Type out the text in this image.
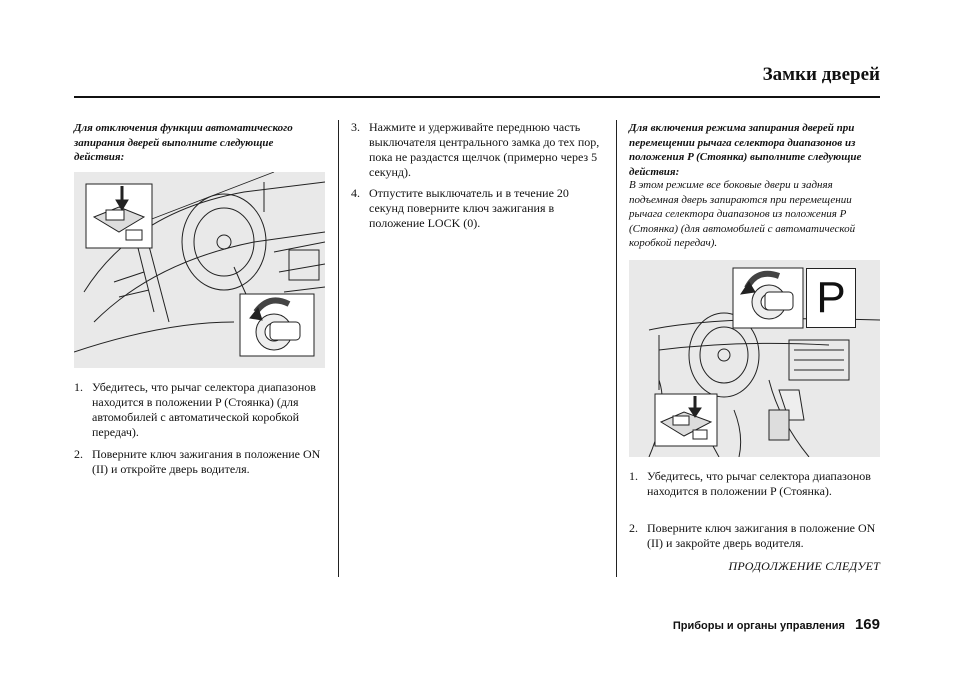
Замки дверей
Для отключения функции автоматического запирания дверей выполните следующие действия:
1. Убедитесь, что рычаг селектора диапазонов находится в положении P (Стоянка) (для автомобилей с автоматической коробкой передач).
2. Поверните ключ зажигания в положение ON (II) и откройте дверь водителя.
3. Нажмите и удерживайте переднюю часть выключателя центрального замка до тех пор, пока не раздастся щелчок (примерно через 5 секунд).
4. Отпустите выключатель и в течение 20 секунд поверните ключ зажигания в положение LOCK (0).
Для включения режима запирания дверей при перемещении рычага селектора диапазонов из положения P (Стоянка) выполните следующие действия:
В этом режиме все боковые двери и задняя подъемная дверь запираются при перемещении рычага селектора диапазонов из положения P (Стоянка) (для автомобилей с автоматической коробкой передач).
P
1. Убедитесь, что рычаг селектора диапазонов находится в положении P (Стоянка).
2. Поверните ключ зажигания в положение ON (II) и закройте дверь водителя.
ПРОДОЛЖЕНИЕ СЛЕДУЕТ
Приборы и органы управления 169
